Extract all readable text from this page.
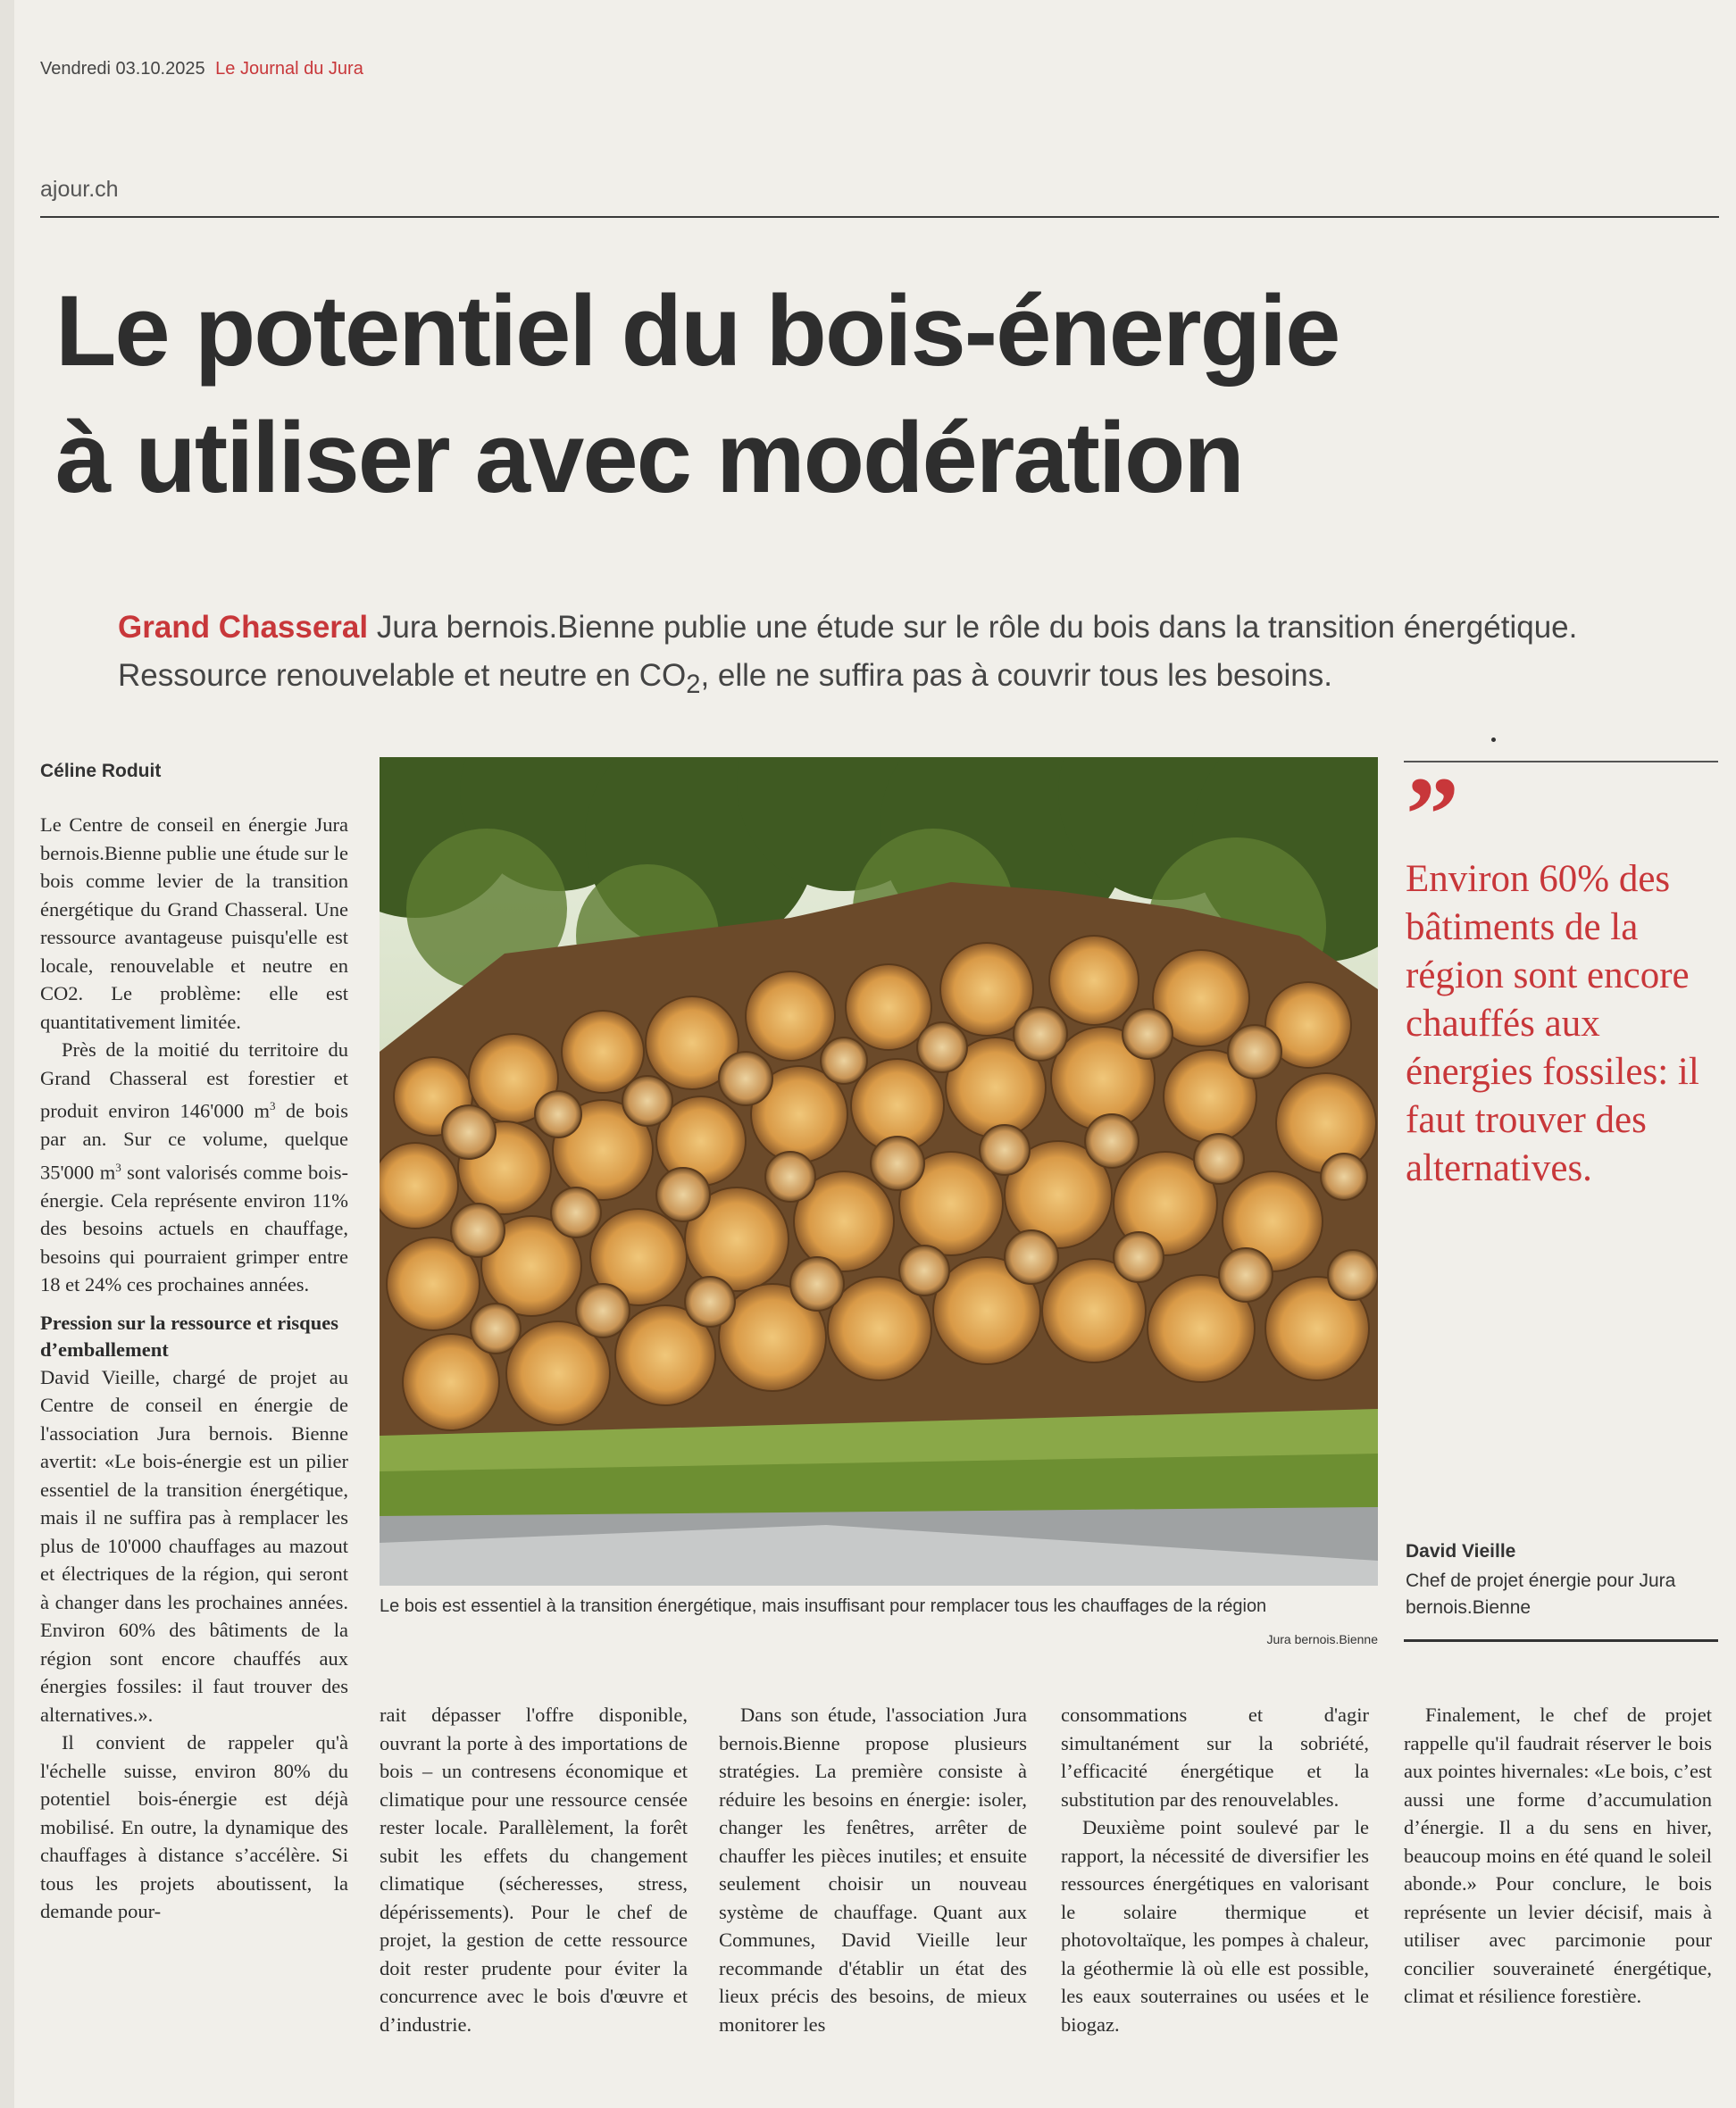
Vendredi 03.10.2025 Le Journal du Jura
ajour.ch
Le potentiel du bois-énergie
à utiliser avec modération
Grand Chasseral Jura bernois.Bienne publie une étude sur le rôle du bois dans la transition énergétique. Ressource renouvelable et neutre en $CO_2$, elle ne suffira pas à couvrir tous les besoins.
Céline Roduit

Le Centre de conseil en énergie Jura bernois.Bienne publie une étude sur le bois comme levier de la transition énergétique du Grand Chasseral. Une ressource avantageuse puisqu'elle est locale, renouvelable et neutre en CO2. Le problème: elle est quantitativement limitée.

Près de la moitié du territoire du Grand Chasseral est forestier et produit environ 146'000 $m^3$ de bois par an. Sur ce volume, quelque 35'000 $m^3$ sont valorisés comme bois-énergie. Cela représente environ 11% des besoins actuels en chauffage, besoins qui pourraient grimper entre 18 et 24% ces prochaines années.

Pression sur la ressource et risques d’emballement

David Vieille, chargé de projet au Centre de conseil en énergie de l'association Jura bernois. Bienne avertit: «Le bois-énergie est un pilier essentiel de la transition énergétique, mais il ne suffira pas à remplacer les plus de 10'000 chauffages au mazout et électriques de la région, qui seront à changer dans les prochaines années. Environ 60% des bâtiments de la région sont encore chauffés aux énergies fossiles: il faut trouver des alternatives.».

Il convient de rappeler qu'à l'échelle suisse, environ 80% du potentiel bois-énergie est déjà mobilisé. En outre, la dynamique des chauffages à distance s’accélère. Si tous les projets aboutissent, la demande pour-

Le bois est essentiel à la transition énergétique, mais insuffisant pour remplacer tous les chauffages de la région
Jura bernois.Bienne
”
Environ 60% des bâtiments de la région sont encore chauffés aux énergies fossiles: il faut trouver des alternatives.
David Vieille
Chef de projet énergie pour Jura bernois.Bienne

rait dépasser l'offre disponible, ouvrant la porte à des importations de bois – un contresens économique et climatique pour une ressource censée rester locale. Parallèlement, la forêt subit les effets du changement climatique (sécheresses, stress, dépérissements). Pour le chef de projet, la gestion de cette ressource doit rester prudente pour éviter la concurrence avec le bois d'œuvre et d’industrie.

Dans son étude, l'association Jura bernois.Bienne propose plusieurs stratégies. La première consiste à réduire les besoins en énergie: isoler, changer les fenêtres, arrêter de chauffer les pièces inutiles; et ensuite seulement choisir un nouveau système de chauffage. Quant aux Communes, David Vieille leur recommande d'établir un état des lieux précis des besoins, de mieux monitorer les

consommations et d'agir simultanément sur la sobriété, l’efficacité énergétique et la substitution par des renouvelables.

Deuxième point soulevé par le rapport, la nécessité de diversifier les ressources énergétiques en valorisant le solaire thermique et photovoltaïque, les pompes à chaleur, la géothermie là où elle est possible, les eaux souterraines ou usées et le biogaz.

Finalement, le chef de projet rappelle qu'il faudrait réserver le bois aux pointes hivernales: «Le bois, c’est aussi une forme d’accumulation d’énergie. Il a du sens en hiver, beaucoup moins en été quand le soleil abonde.» Pour conclure, le bois représente un levier décisif, mais à utiliser avec parcimonie pour concilier souveraineté énergétique, climat et résilience forestière.
